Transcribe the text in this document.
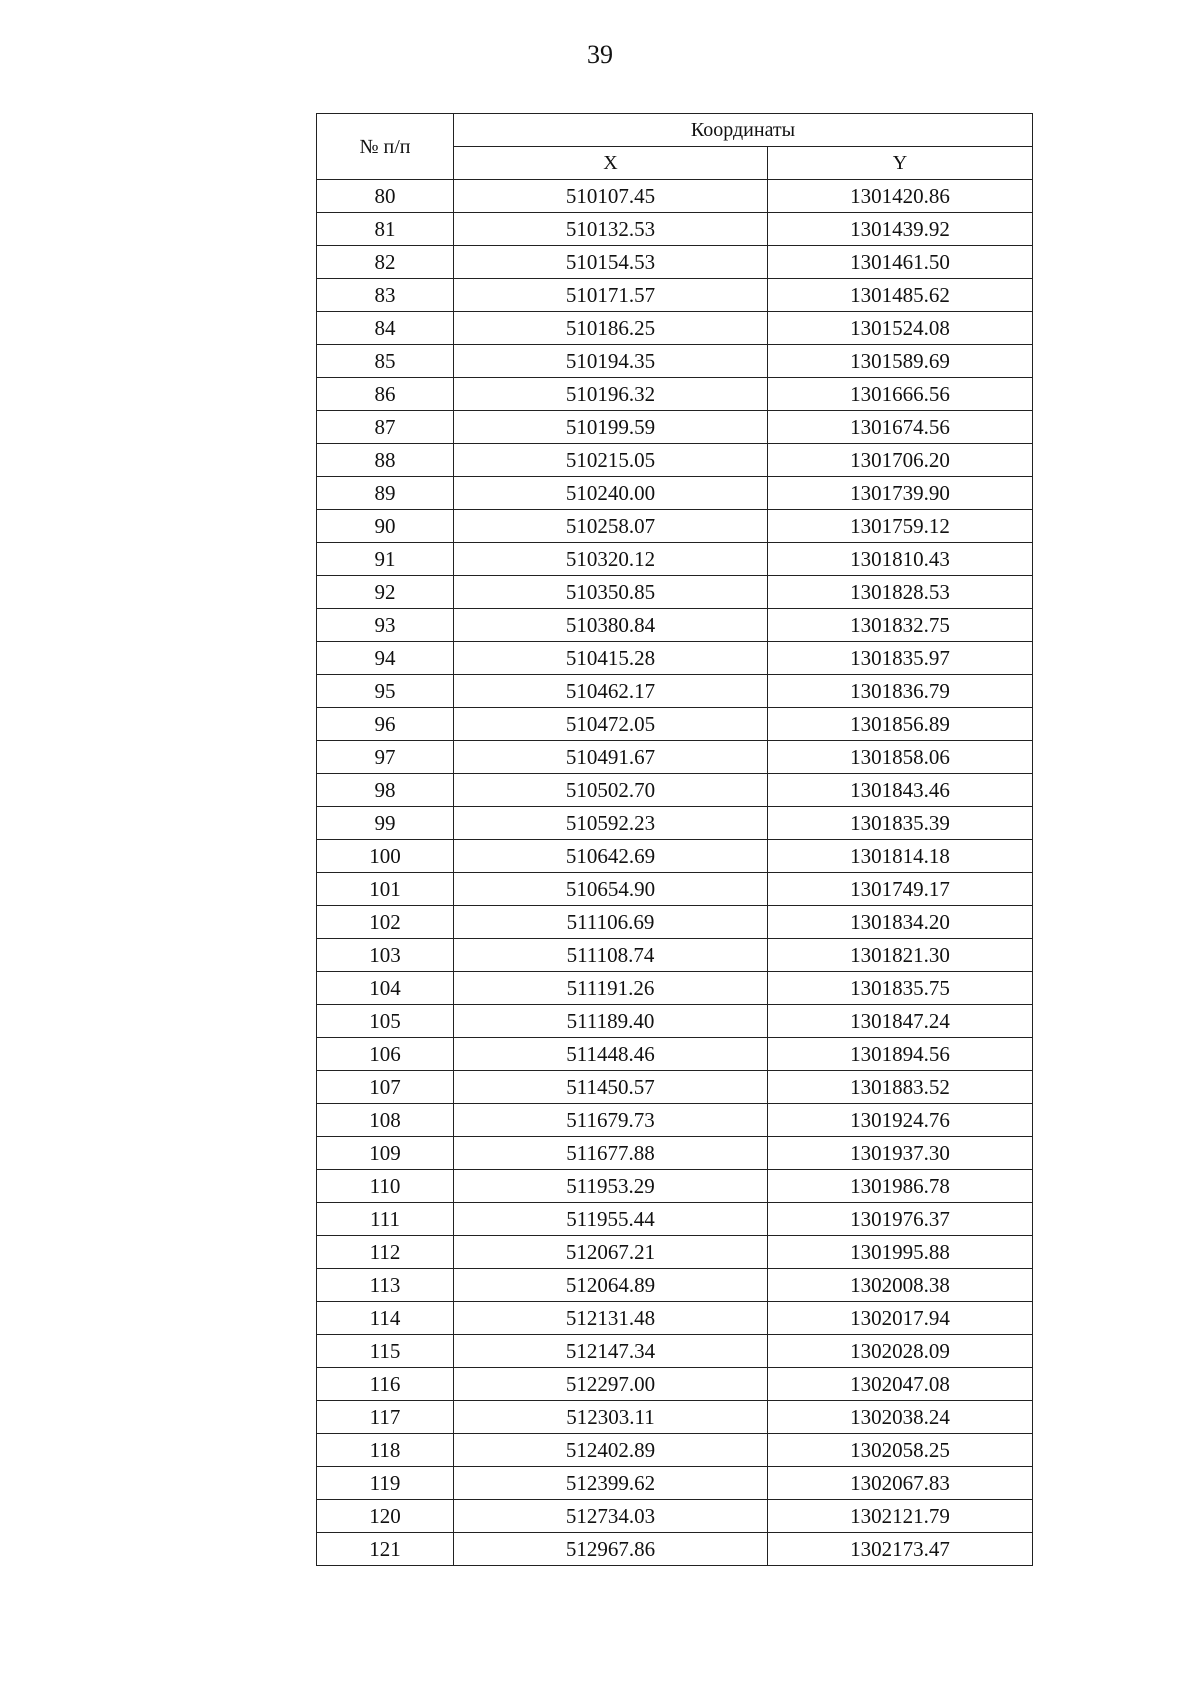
39
№ п/п	Координаты	
	X	Y
80	510107.45	1301420.86
81	510132.53	1301439.92
82	510154.53	1301461.50
83	510171.57	1301485.62
84	510186.25	1301524.08
85	510194.35	1301589.69
86	510196.32	1301666.56
87	510199.59	1301674.56
88	510215.05	1301706.20
89	510240.00	1301739.90
90	510258.07	1301759.12
91	510320.12	1301810.43
92	510350.85	1301828.53
93	510380.84	1301832.75
94	510415.28	1301835.97
95	510462.17	1301836.79
96	510472.05	1301856.89
97	510491.67	1301858.06
98	510502.70	1301843.46
99	510592.23	1301835.39
100	510642.69	1301814.18
101	510654.90	1301749.17
102	511106.69	1301834.20
103	511108.74	1301821.30
104	511191.26	1301835.75
105	511189.40	1301847.24
106	511448.46	1301894.56
107	511450.57	1301883.52
108	511679.73	1301924.76
109	511677.88	1301937.30
110	511953.29	1301986.78
111	511955.44	1301976.37
112	512067.21	1301995.88
113	512064.89	1302008.38
114	512131.48	1302017.94
115	512147.34	1302028.09
116	512297.00	1302047.08
117	512303.11	1302038.24
118	512402.89	1302058.25
119	512399.62	1302067.83
120	512734.03	1302121.79
121	512967.86	1302173.47
